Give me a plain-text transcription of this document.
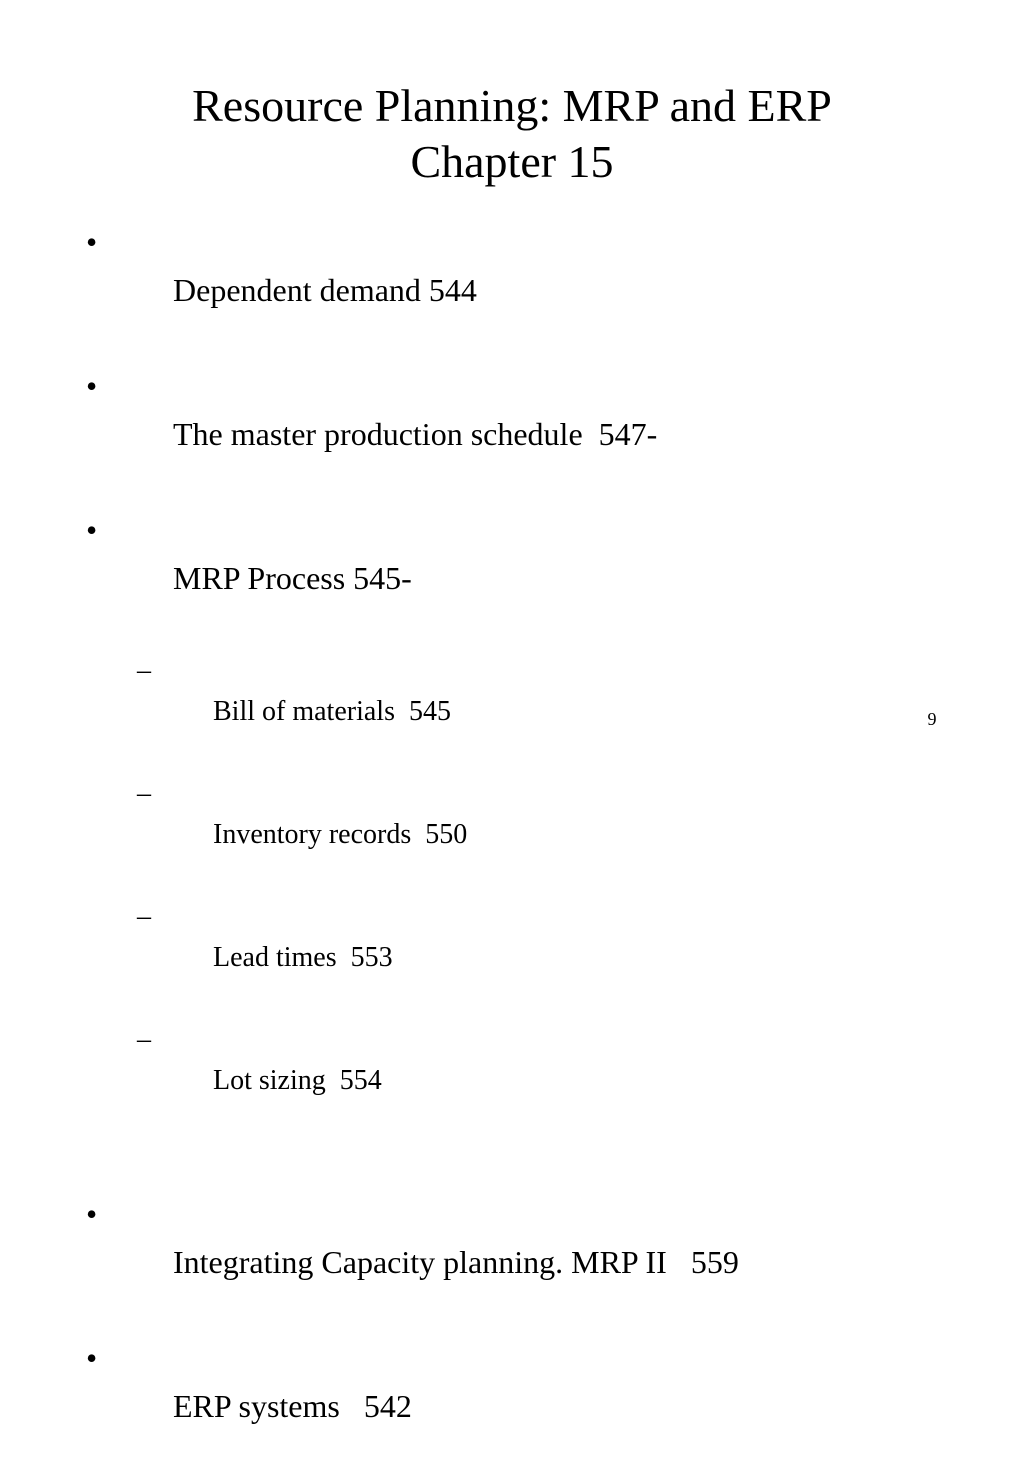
Resource Planning: MRP and ERP
Chapter 15

•
Dependent demand 544

•
The master production schedule  547-

•
MRP Process 545-

–
Bill of materials  545

–
Inventory records  550

–
Lead times  553

–
Lot sizing  554

•
Integrating Capacity planning. MRP II   559

•
ERP systems   542

9
